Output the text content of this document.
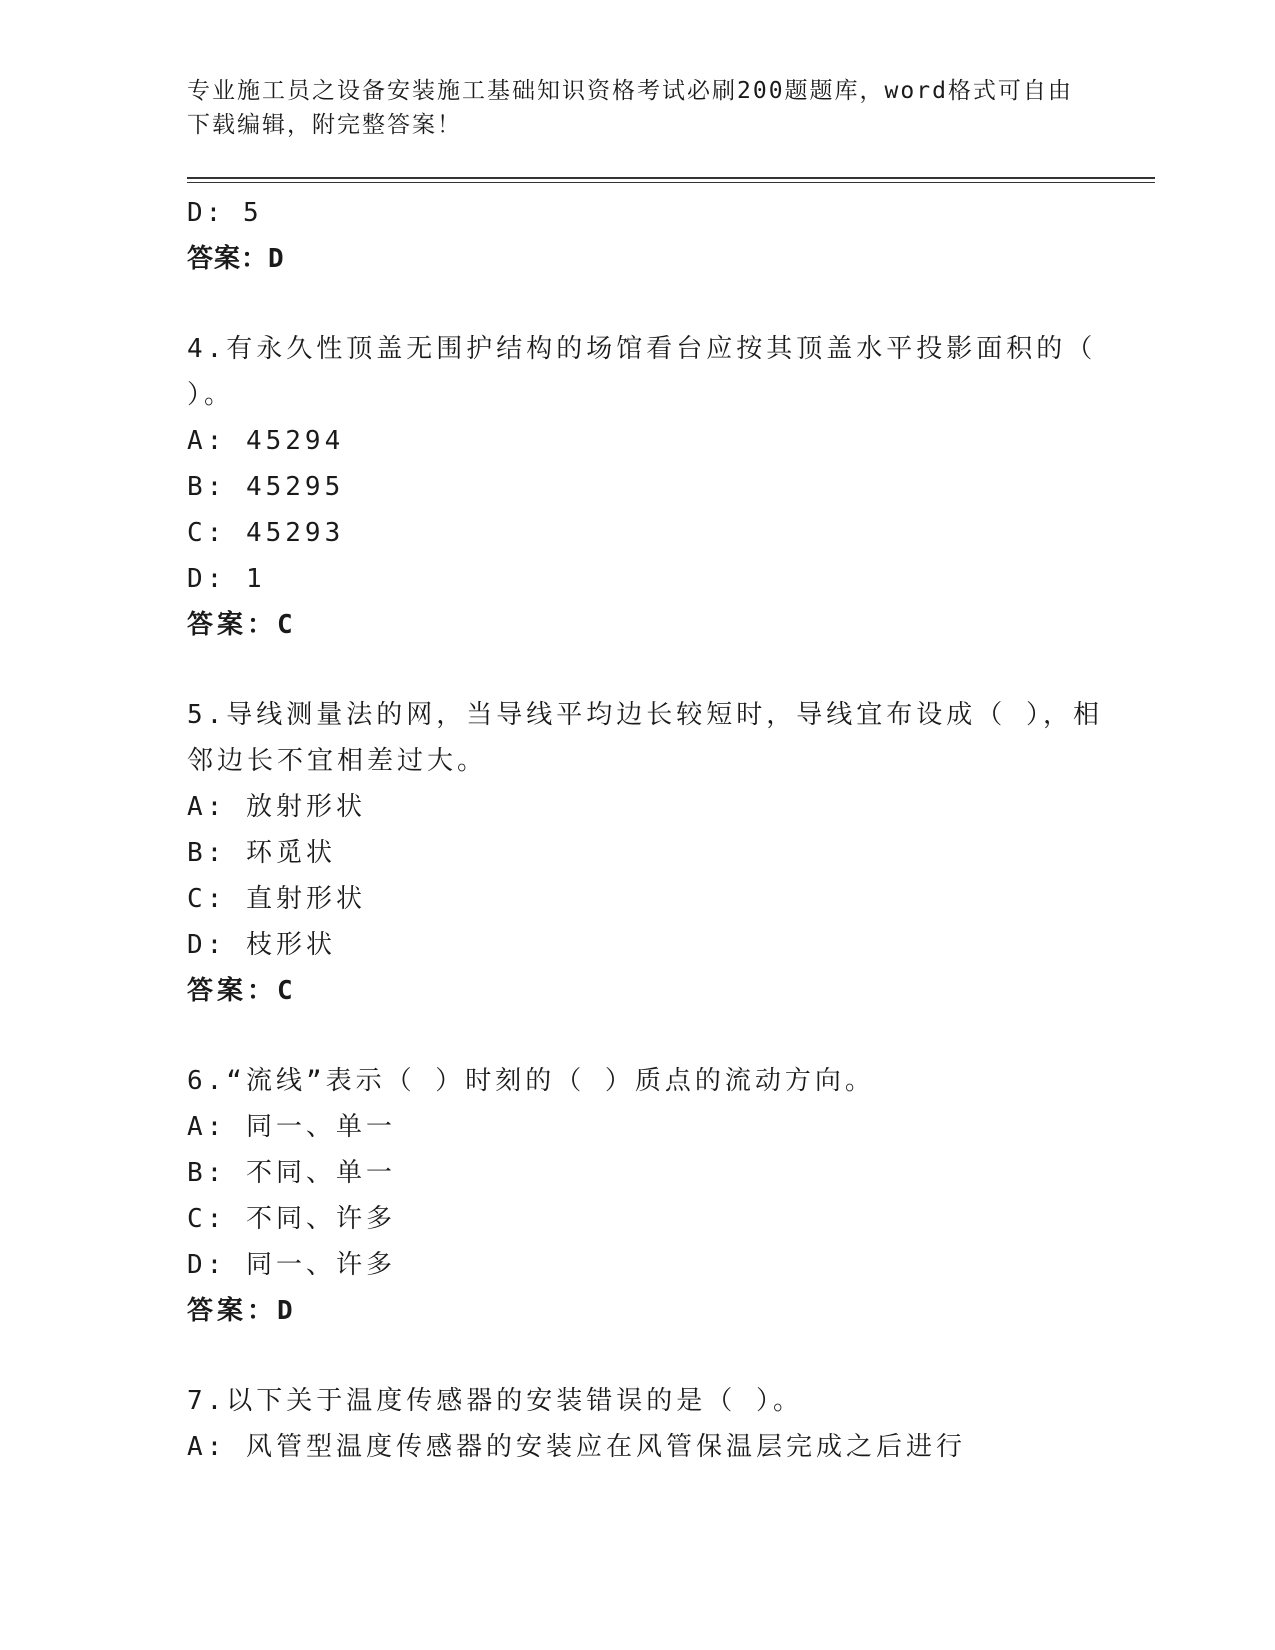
专业施工员之设备安装施工基础知识资格考试必刷200题题库，word格式可自由
下载编辑，附完整答案！
D: 5
答案：D
4.有永久性顶盖无围护结构的场馆看台应按其顶盖水平投影面积的（
）。
A: 45294
B: 45295
C: 45293
D: 1
答案：C
5.导线测量法的网，当导线平均边长较短时，导线宜布设成（ ），相
邻边长不宜相差过大。
A: 放射形状
B: 环觅状
C: 直射形状
D: 枝形状
答案：C
6.“流线”表示（ ）时刻的（ ）质点的流动方向。
A: 同一、单一
B: 不同、单一
C: 不同、许多
D: 同一、许多
答案：D
7.以下关于温度传感器的安装错误的是（ ）。
A: 风管型温度传感器的安装应在风管保温层完成之后进行
